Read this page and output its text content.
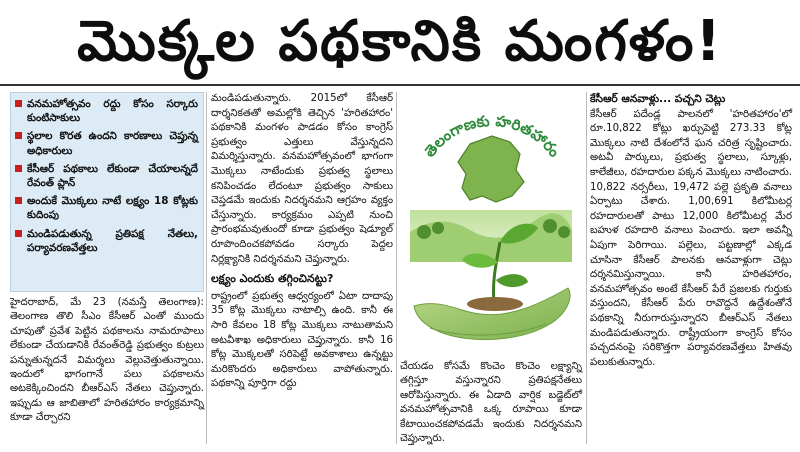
మొక్కల పథకానికి మంగళం!
వనమహోత్సవం రద్దు కోసం సర్కారు కుంటిసాకులు
స్థలాల కొరత ఉందని కారణాలు చెప్తున్న అధికారులు
కేసీఆర్ పథకాలు లేకుండా చేయాలన్నదే రేవంత్ ప్లాన్
అందుకే మొక్కలు నాటే లక్ష్యం 18 కోట్లకు కుదింపు
మండిపడుతున్న ప్రతిపక్ష నేతలు, పర్యావరణవేత్తలు

హైదరాబాద్, మే 23 (నమస్తే తెలంగాణ): తెలంగాణ తొలి సీఎం కేసీఆర్ ఎంతో ముందు చూపుతో ప్రవేశ పెట్టిన పథకాలను నామరూపాలు లేకుండా చేయడానికి రేవంత్‌రెడ్డి ప్రభుత్వం కుట్రలు పన్నుతున్నదనే విమర్శలు వెల్లువెత్తుతున్నాయి. ఇందులో భాగంగానే పలు పథకాలను అటకెక్కించిందని బీఆర్ఎస్ నేతలు చెప్తున్నారు. ఇప్పుడు ఆ జాబితాలో హరితహారం కార్యక్రమాన్ని కూడా చేర్చారని

మండిపడుతున్నారు. 2015లో కేసీఆర్ దార్శనికతతో అమల్లోకి తెచ్చిన 'హరితహారం' పథకానికి మంగళం పాడడం కోసం కాంగ్రెస్ ప్రభుత్వం ఎత్తులు వేస్తున్నదని విమర్శిస్తున్నారు. వనమహోత్సవంలో భాగంగా మొక్కలు నాటేందుకు ప్రభుత్వ స్థలాలు కనిపించడం లేదంటూ ప్రభుత్వం సాకులు చెప్తడమే ఇందుకు నిదర్శనమని ఆగ్రహం వ్యక్తం చేస్తున్నారు. కార్యక్రమం ఎప్పటి నుంచి ప్రారంభమవుతుందో కూడా ప్రభుత్వం షెడ్యూల్ రూపొందించకపోవడం సర్కారు పెద్దల నిర్లక్ష్యానికి నిదర్శనమని చెప్తున్నారు.

లక్ష్యం ఎందుకు తగ్గించినట్టు?

రాష్ట్రంలో ప్రభుత్వ ఆధ్వర్యంలో ఏటా దాదాపు 35 కోట్ల మొక్కలు నాటాల్సి ఉంది. కానీ ఈ సారి కేవలం 18 కోట్ల మొక్కలు నాటుతామని అటవీశాఖ అధికారులు చెప్తున్నారు. కానీ 16 కోట్ల మొక్కలతో సరిపెట్టే అవకాశాలు ఉన్నట్టు మరికొందరు అధికారులు వాపోతున్నారు. పథకాన్ని పూర్తిగా రద్దు

తెలంగాణకు హరితహారం

చేయడం కోసమే కొంచెం కొంచెం లక్ష్యాన్ని తగ్గిస్తూ వస్తున్నారని ప్రతిపక్షనేతలు ఆరోపిస్తున్నారు. ఈ ఏడాది వార్షిక బడ్జెట్‌లో వనమహోత్సవానికి ఒక్క రూపాయి కూడా కేటాయించకపోవడమే ఇందుకు నిదర్శనమని చెప్తున్నారు.

కేసీఆర్ ఆనవాళ్లు... పచ్చని చెట్లు

కేసీఆర్ పదేండ్ల పాలనలో 'హరితహారం'లో రూ.10,822 కోట్లు ఖర్చుపెట్టి 273.33 కోట్ల మొక్కలు నాటి దేశంలోనే ఘన చరిత్ర సృష్టించారు. అటవీ పార్కులు, ప్రభుత్వ స్థలాలు, స్కూళ్లు, కాలేజీలు, రహదారుల పక్కన మొక్కలు నాటించారు. 10,822 నర్సరీలు, 19,472 పల్లె ప్రకృతి వనాలు ఏర్పాటు చేశారు. 1,00,691 కిలోమీటర్ల రహదారులతో పాటు 12,000 కిలోమీటర్ల మేర బహుళ రహదారి వనాలు పెంచారు. ఇలా అవన్నీ ఏపుగా పెరిగాయి. పల్లెలు, పట్టణాల్లో ఎక్కడ చూసినా కేసీఆర్ పాలనకు ఆనవాళ్లుగా చెట్లు దర్శనమిస్తున్నాయి. కానీ హరితహారం, వనమహోత్సవం అంటే కేసీఆర్ పేరే ప్రజలకు గుర్తుకు వస్తుందని, కేసీఆర్ పేరు రావొద్దనే ఉద్దేశంతోనే పథకాన్ని నీరుగారుస్తున్నారని బీఆర్ఎస్ నేతలు మండిపడుతున్నారు. రాష్ట్రీయంగా కాంగ్రెస్ కోసం పచ్చదనంపై సరికొత్తగా పర్యావరణవేత్తలు హితవు పలుకుతున్నారు.
